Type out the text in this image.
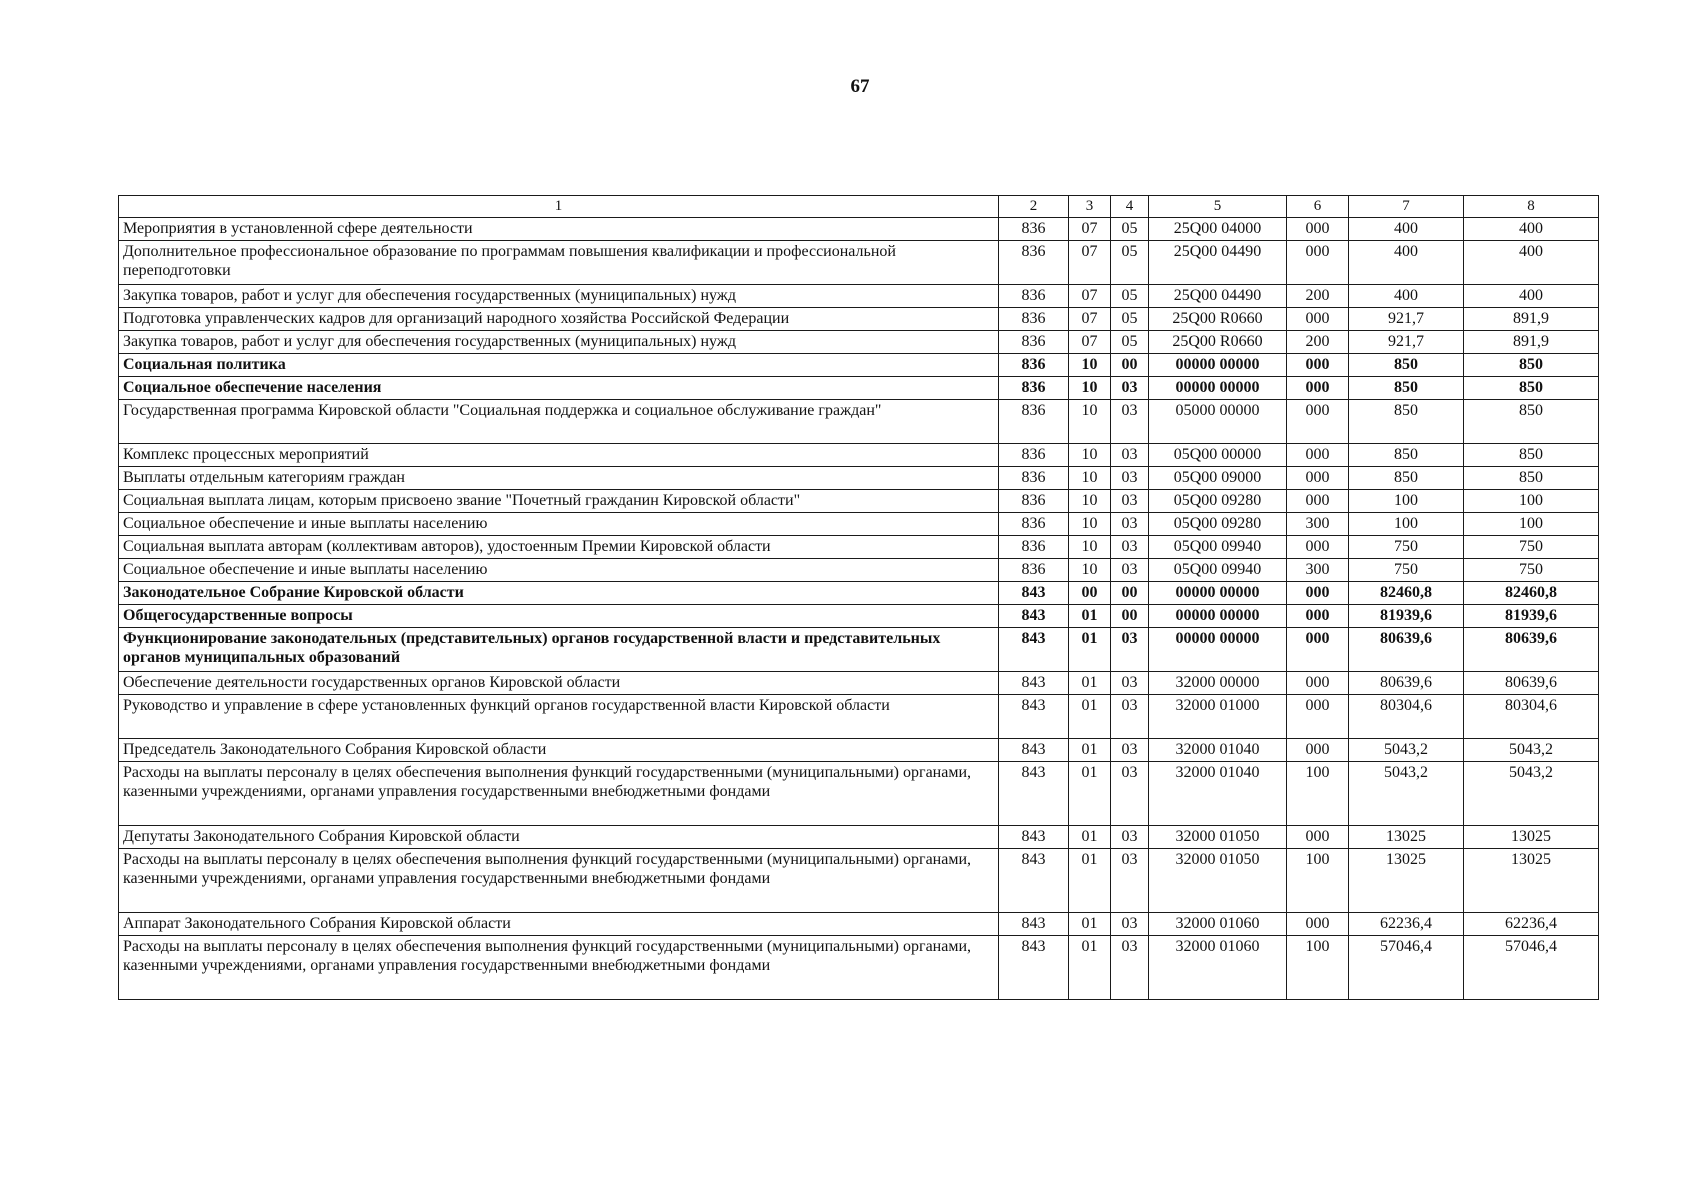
67
1	2	3	4	5	6	7	8
Мероприятия в установленной сфере деятельности	836	07	05	25Q00 04000	000	400	400
Дополнительное профессиональное образование по программам повышения квалификации и профессиональной переподготовки	836	07	05	25Q00 04490	000	400	400
Закупка товаров, работ и услуг для обеспечения государственных (муниципальных) нужд	836	07	05	25Q00 04490	200	400	400
Подготовка управленческих кадров для организаций народного хозяйства Российской Федерации	836	07	05	25Q00 R0660	000	921,7	891,9
Закупка товаров, работ и услуг для обеспечения государственных (муниципальных) нужд	836	07	05	25Q00 R0660	200	921,7	891,9
Социальная политика	836	10	00	00000 00000	000	850	850
Социальное обеспечение населения	836	10	03	00000 00000	000	850	850
Государственная программа Кировской области "Социальная поддержка и социальное обслуживание граждан"	836	10	03	05000 00000	000	850	850
Комплекс процессных мероприятий	836	10	03	05Q00 00000	000	850	850
Выплаты отдельным категориям граждан	836	10	03	05Q00 09000	000	850	850
Социальная выплата лицам, которым присвоено звание "Почетный гражданин Кировской области"	836	10	03	05Q00 09280	000	100	100
Социальное обеспечение и иные выплаты населению	836	10	03	05Q00 09280	300	100	100
Социальная выплата авторам (коллективам авторов), удостоенным Премии Кировской области	836	10	03	05Q00 09940	000	750	750
Социальное обеспечение и иные выплаты населению	836	10	03	05Q00 09940	300	750	750
Законодательное Собрание Кировской области	843	00	00	00000 00000	000	82460,8	82460,8
Общегосударственные вопросы	843	01	00	00000 00000	000	81939,6	81939,6
Функционирование законодательных (представительных) органов государственной власти и представительных органов муниципальных образований	843	01	03	00000 00000	000	80639,6	80639,6
Обеспечение деятельности государственных органов Кировской области	843	01	03	32000 00000	000	80639,6	80639,6
Руководство и управление в сфере установленных функций органов государственной власти Кировской области	843	01	03	32000 01000	000	80304,6	80304,6
Председатель Законодательного Собрания Кировской области	843	01	03	32000 01040	000	5043,2	5043,2
Расходы на выплаты персоналу в целях обеспечения выполнения функций государственными (муниципальными) органами, казенными учреждениями, органами управления государственными внебюджетными фондами	843	01	03	32000 01040	100	5043,2	5043,2
Депутаты Законодательного Собрания Кировской области	843	01	03	32000 01050	000	13025	13025
Расходы на выплаты персоналу в целях обеспечения выполнения функций государственными (муниципальными) органами, казенными учреждениями, органами управления государственными внебюджетными фондами	843	01	03	32000 01050	100	13025	13025
Аппарат Законодательного Собрания Кировской области	843	01	03	32000 01060	000	62236,4	62236,4
Расходы на выплаты персоналу в целях обеспечения выполнения функций государственными (муниципальными) органами, казенными учреждениями, органами управления государственными внебюджетными фондами	843	01	03	32000 01060	100	57046,4	57046,4
